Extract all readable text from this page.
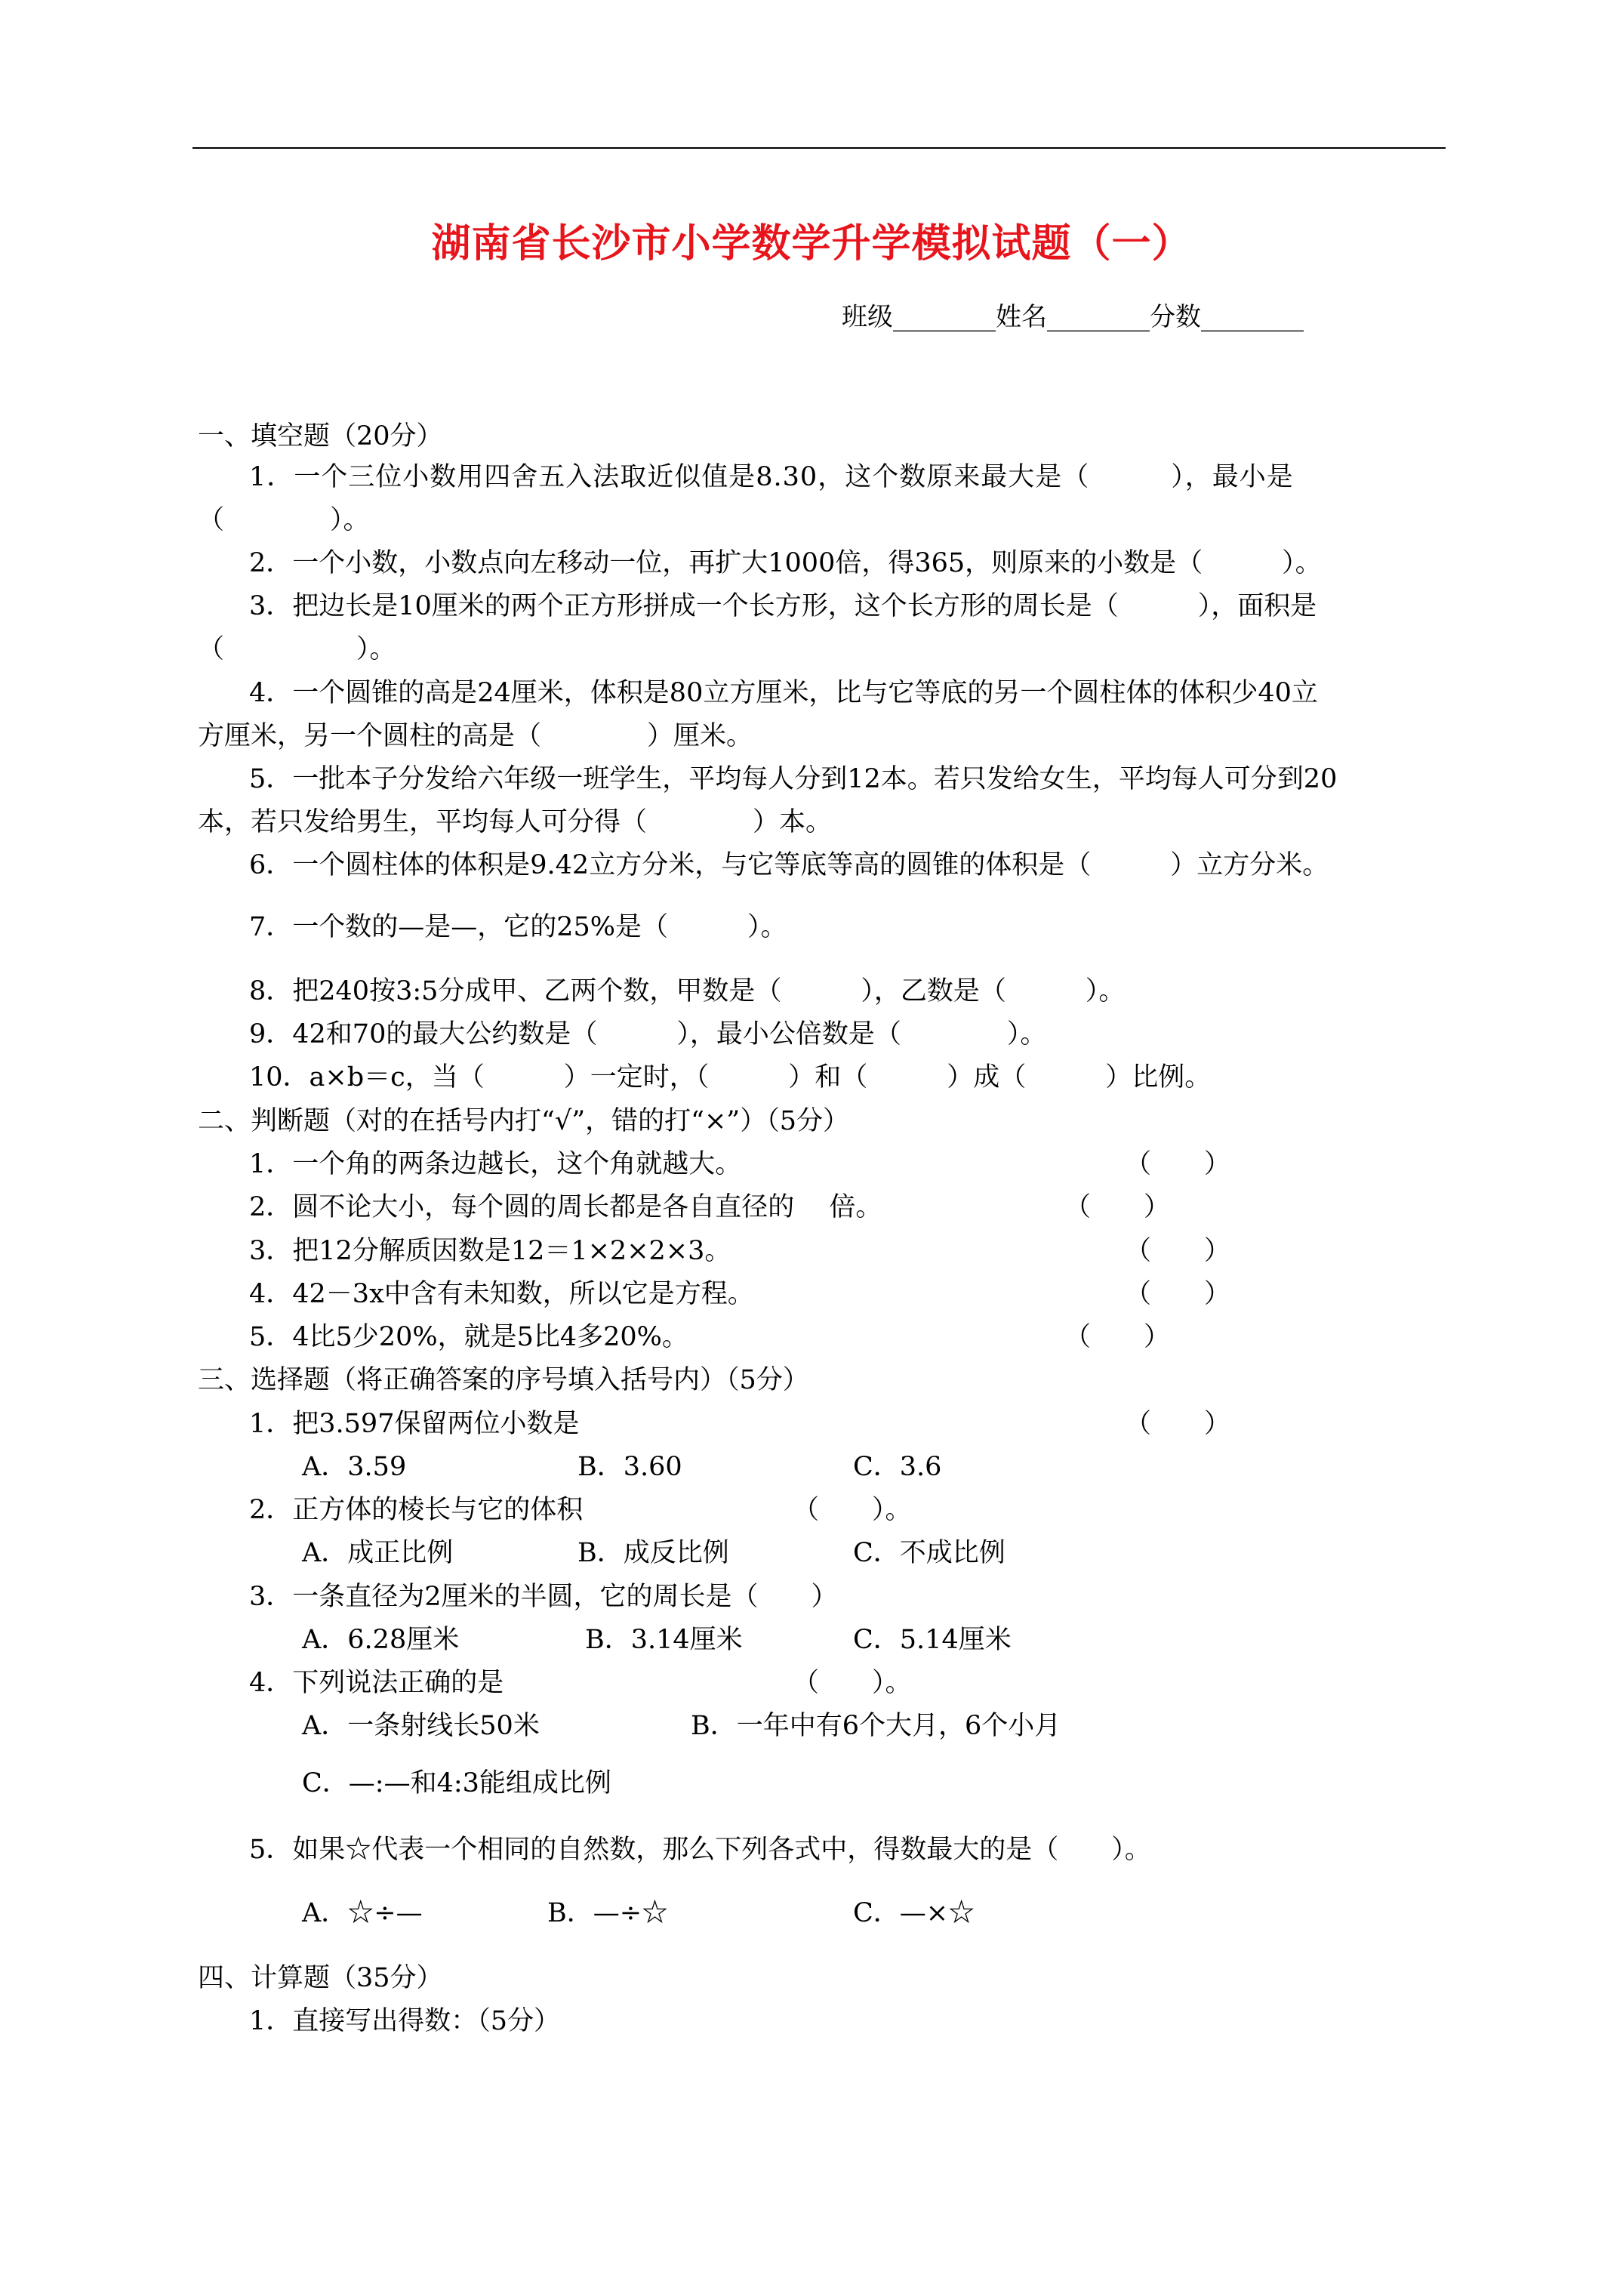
湖南省长沙市小学数学升学模拟试题（一）
班级________姓名________分数________
一、填空题（20分）
1．一个三位小数用四舍五入法取近似值是8.30，这个数原来最大是（　　　），最小是
（　　　　）。
2．一个小数，小数点向左移动一位，再扩大1000倍，得365，则原来的小数是（　　　）。
3．把边长是10厘米的两个正方形拼成一个长方形，这个长方形的周长是（　　　），面积是
（　　　　　）。
4．一个圆锥的高是24厘米，体积是80立方厘米，比与它等底的另一个圆柱体的体积少40立
方厘米，另一个圆柱的高是（　　　　）厘米。
5．一批本子分发给六年级一班学生，平均每人分到12本。若只发给女生，平均每人可分到20
本，若只发给男生，平均每人可分得（　　　　）本。
6．一个圆柱体的体积是9.42立方分米，与它等底等高的圆锥的体积是（　　　）立方分米。
7．一个数的—是—，它的25%是（　　　）。
8．把240按3:5分成甲、乙两个数，甲数是（　　　），乙数是（　　　）。
9．42和70的最大公约数是（　　　），最小公倍数是（　　　　）。
10．a×b＝c，当（　　　）一定时，（　　　）和（　　　）成（　　　）比例。
二、判断题（对的在括号内打“√”，错的打“×”）（5分）
1．一个角的两条边越长，这个角就越大。	（　　）
2．圆不论大小，每个圆的周长都是各自直径的　 倍。	（　　）
3．把12分解质因数是12＝1×2×2×3。	（　　）
4．42－3x中含有未知数，所以它是方程。	（　　）
5．4比5少20%，就是5比4多20%。	（　　）
三、选择题（将正确答案的序号填入括号内）（5分）
1．把3.597保留两位小数是	（　　）
A．3.59	B．3.60	C．3.6
2．正方体的棱长与它的体积	（　　）。
A．成正比例	B．成反比例	C．不成比例
3．一条直径为2厘米的半圆，它的周长是（　　）
A．6.28厘米	B．3.14厘米	C．5.14厘米
4．下列说法正确的是	（　　）。
A．一条射线长50米	B．一年中有6个大月，6个小月
C．—:—和4:3能组成比例
5．如果☆代表一个相同的自然数，那么下列各式中，得数最大的是（　　）。
A．☆÷—	B．—÷☆	C．—×☆
四、计算题（35分）
1．直接写出得数：（5分）
